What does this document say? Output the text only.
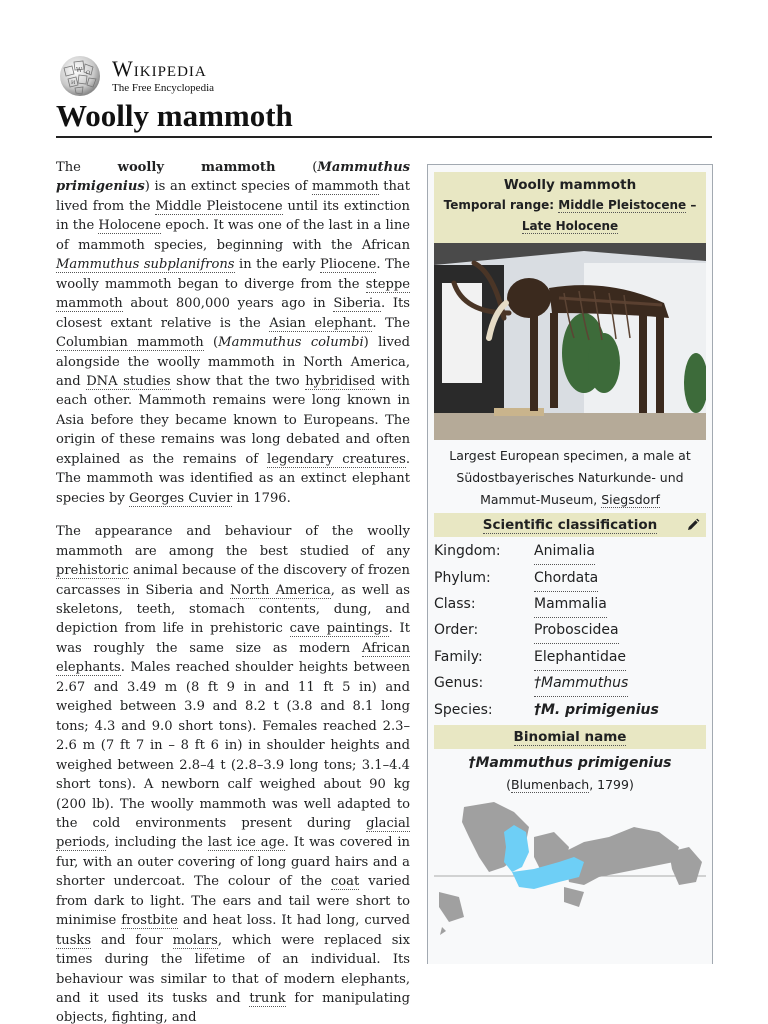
W Ω
И
Wikipedia
The Free Encyclopedia
Woolly mammoth

The woolly mammoth (Mammuthus primigenius) is an extinct species of mammoth that lived from the Middle Pleistocene until its extinction in the Holocene epoch. It was one of the last in a line of mammoth species, beginning with the African Mammuthus subplanifrons in the early Pliocene. The woolly mammoth began to diverge from the steppe mammoth about 800,000 years ago in Siberia. Its closest extant relative is the Asian elephant. The Columbian mammoth (Mammuthus columbi) lived alongside the woolly mammoth in North America, and DNA studies show that the two hybridised with each other. Mammoth remains were long known in Asia before they became known to Europeans. The origin of these remains was long debated and often explained as the remains of legendary creatures. The mammoth was identified as an extinct elephant species by Georges Cuvier in 1796.

The appearance and behaviour of the woolly mammoth are among the best studied of any prehistoric animal because of the discovery of frozen carcasses in Siberia and North America, as well as skeletons, teeth, stomach contents, dung, and depiction from life in prehistoric cave paintings. It was roughly the same size as modern African elephants. Males reached shoulder heights between 2.67 and 3.49 m (8 ft 9 in and 11 ft 5 in) and weighed between 3.9 and 8.2 t (3.8 and 8.1 long tons; 4.3 and 9.0 short tons). Females reached 2.3–2.6 m (7 ft 7 in – 8 ft 6 in) in shoulder heights and weighed between 2.8–4 t (2.8–3.9 long tons; 3.1–4.4 short tons). A newborn calf weighed about 90 kg (200 lb). The woolly mammoth was well adapted to the cold environments present during glacial periods, including the last ice age. It was covered in fur, with an outer covering of long guard hairs and a shorter undercoat. The colour of the coat varied from dark to light. The ears and tail were short to minimise frostbite and heat loss. It had long, curved tusks and four molars, which were replaced six times during the lifetime of an individual. Its behaviour was similar to that of modern elephants, and it used its tusks and trunk for manipulating objects, fighting, and

Woolly mammoth
Temporal range: Middle Pleistocene – Late Holocene
Largest European specimen, a male at Südostbayerisches Naturkunde- und Mammut-Museum, Siegsdorf
Scientific classification
Kingdom: Animalia
Phylum:	Chordata
Class:	Mammalia
Order:	Proboscidea
Family:	Elephantidae
Genus:	†Mammuthus
Species:	†M. primigenius
Binomial name
†Mammuthus primigenius
(Blumenbach, 1799)
